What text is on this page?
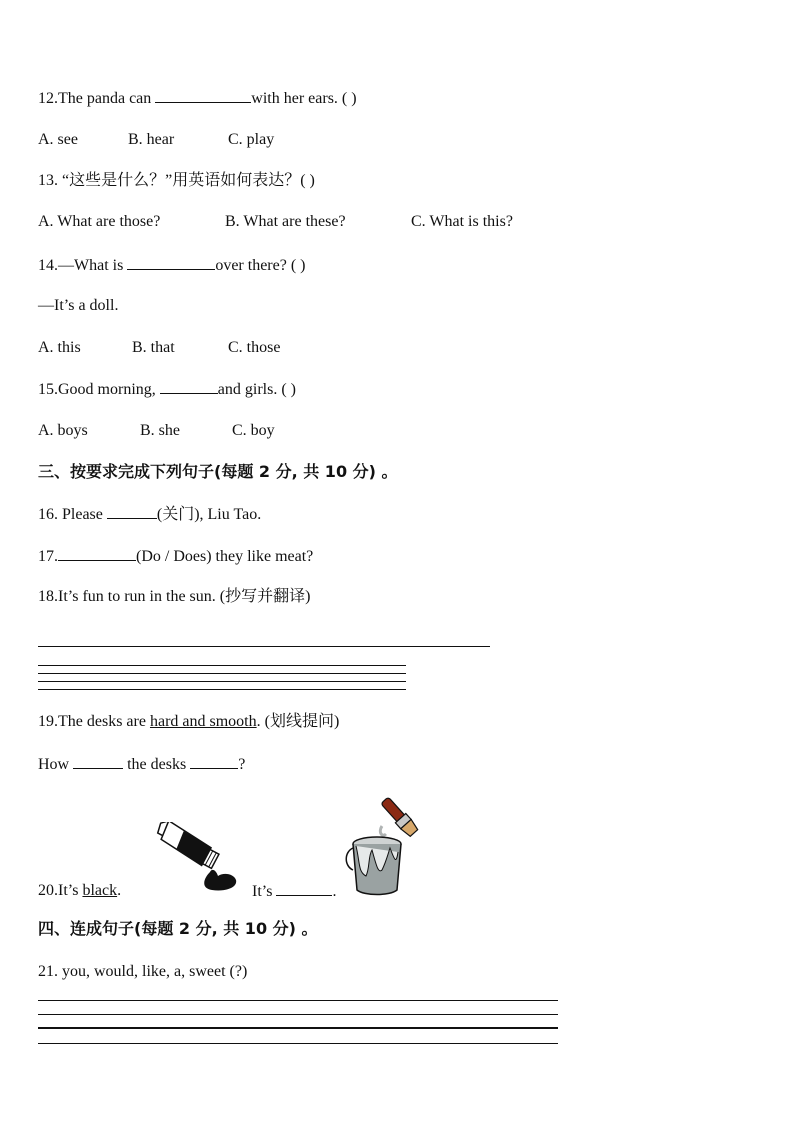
12.The panda can	with her ears. ( )
A. see	B. hear	C. play
13. “这些是什么？”用英语如何表达？( )
A. What are those?	B. What are these?	C. What is this?
14.—What is	over there? ( )
—It’s a doll.
A. this	B. that	C. those
15.Good morning,	and girls. ( )
A. boys	B. she	C. boy
三、按要求完成下列句子(每题 2 分, 共 10 分) 。
16. Please	(关门), Liu Tao.
17.	(Do / Does) they like meat?
18.It’s fun to run in the sun. (抄写并翻译)
19.The desks are hard and smooth. (划线提问)
How	the desks	?
20.It’s black.	It’s	.
四、连成句子(每题 2 分, 共 10 分) 。
21. you, would, like, a, sweet (?)
